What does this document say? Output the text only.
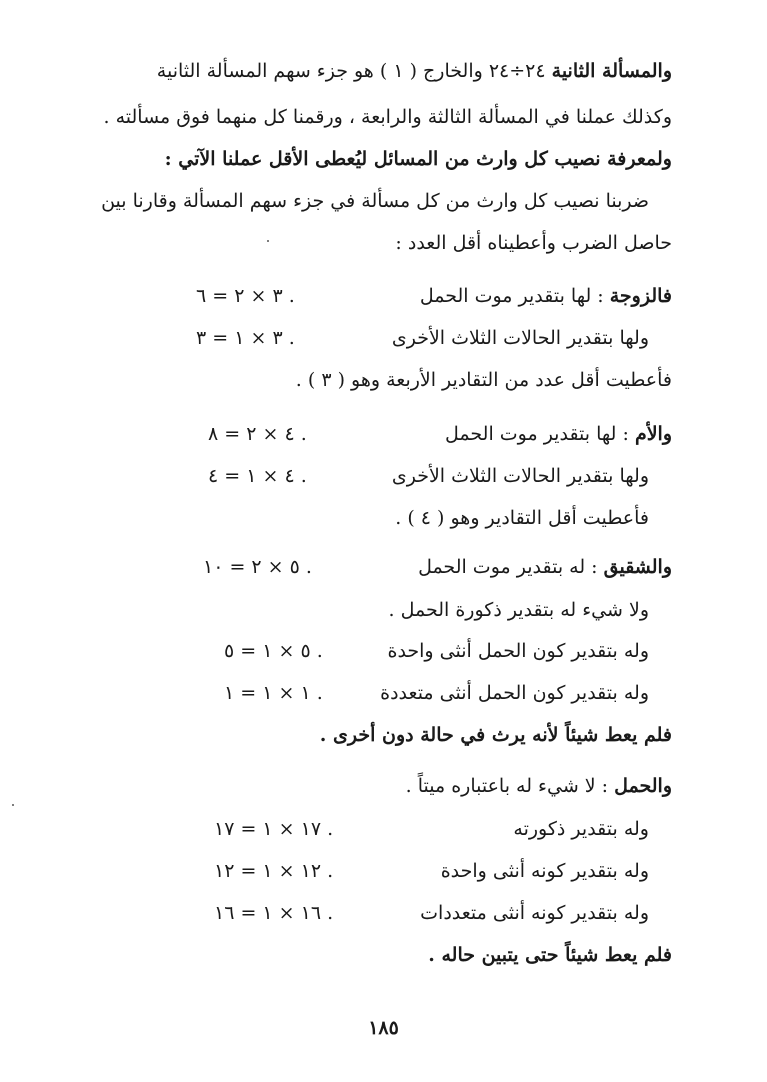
والمسألة الثانية ٢٤÷٢٤ والخارج ( ١ ) هو جزء سهم المسألة الثانية
وكذلك عملنا في المسألة الثالثة والرابعة ، ورقمنا كل منهما فوق مسألته .
ولمعرفة نصيب كل وارث من المسائل ليُعطى الأقل عملنا الآتي :
ضربنا نصيب كل وارث من كل مسألة في جزء سهم المسألة وقارنا بين
حاصل الضرب وأعطيناه أقل العدد :
فالزوجة : لها بتقدير موت الحمل
٣ × ٢ = ٦ .
ولها بتقدير الحالات الثلاث الأخرى
٣ × ١ = ٣ .
فأعطيت أقل عدد من التقادير الأربعة وهو ( ٣ ) .
والأم : لها بتقدير موت الحمل
٤ × ٢ = ٨ .
ولها بتقدير الحالات الثلاث الأخرى
٤ × ١ = ٤ .
فأعطيت أقل التقادير وهو ( ٤ ) .
والشقيق : له بتقدير موت الحمل
٥ × ٢ = ١٠ .
ولا شيء له بتقدير ذكورة الحمل .
وله بتقدير كون الحمل أنثى واحدة
٥ × ١ = ٥ .
وله بتقدير كون الحمل أنثى متعددة
١ × ١ = ١ .
فلم يعط شيئاً لأنه يرث في حالة دون أخرى .
والحمل : لا شيء له باعتباره ميتاً .
وله بتقدير ذكورته
١٧ × ١ = ١٧ .
وله بتقدير كونه أنثى واحدة
١٢ × ١ = ١٢ .
وله بتقدير كونه أنثى متعددات
١٦ × ١ = ١٦ .
فلم يعط شيئاً حتى يتبين حاله .
١٨٥
